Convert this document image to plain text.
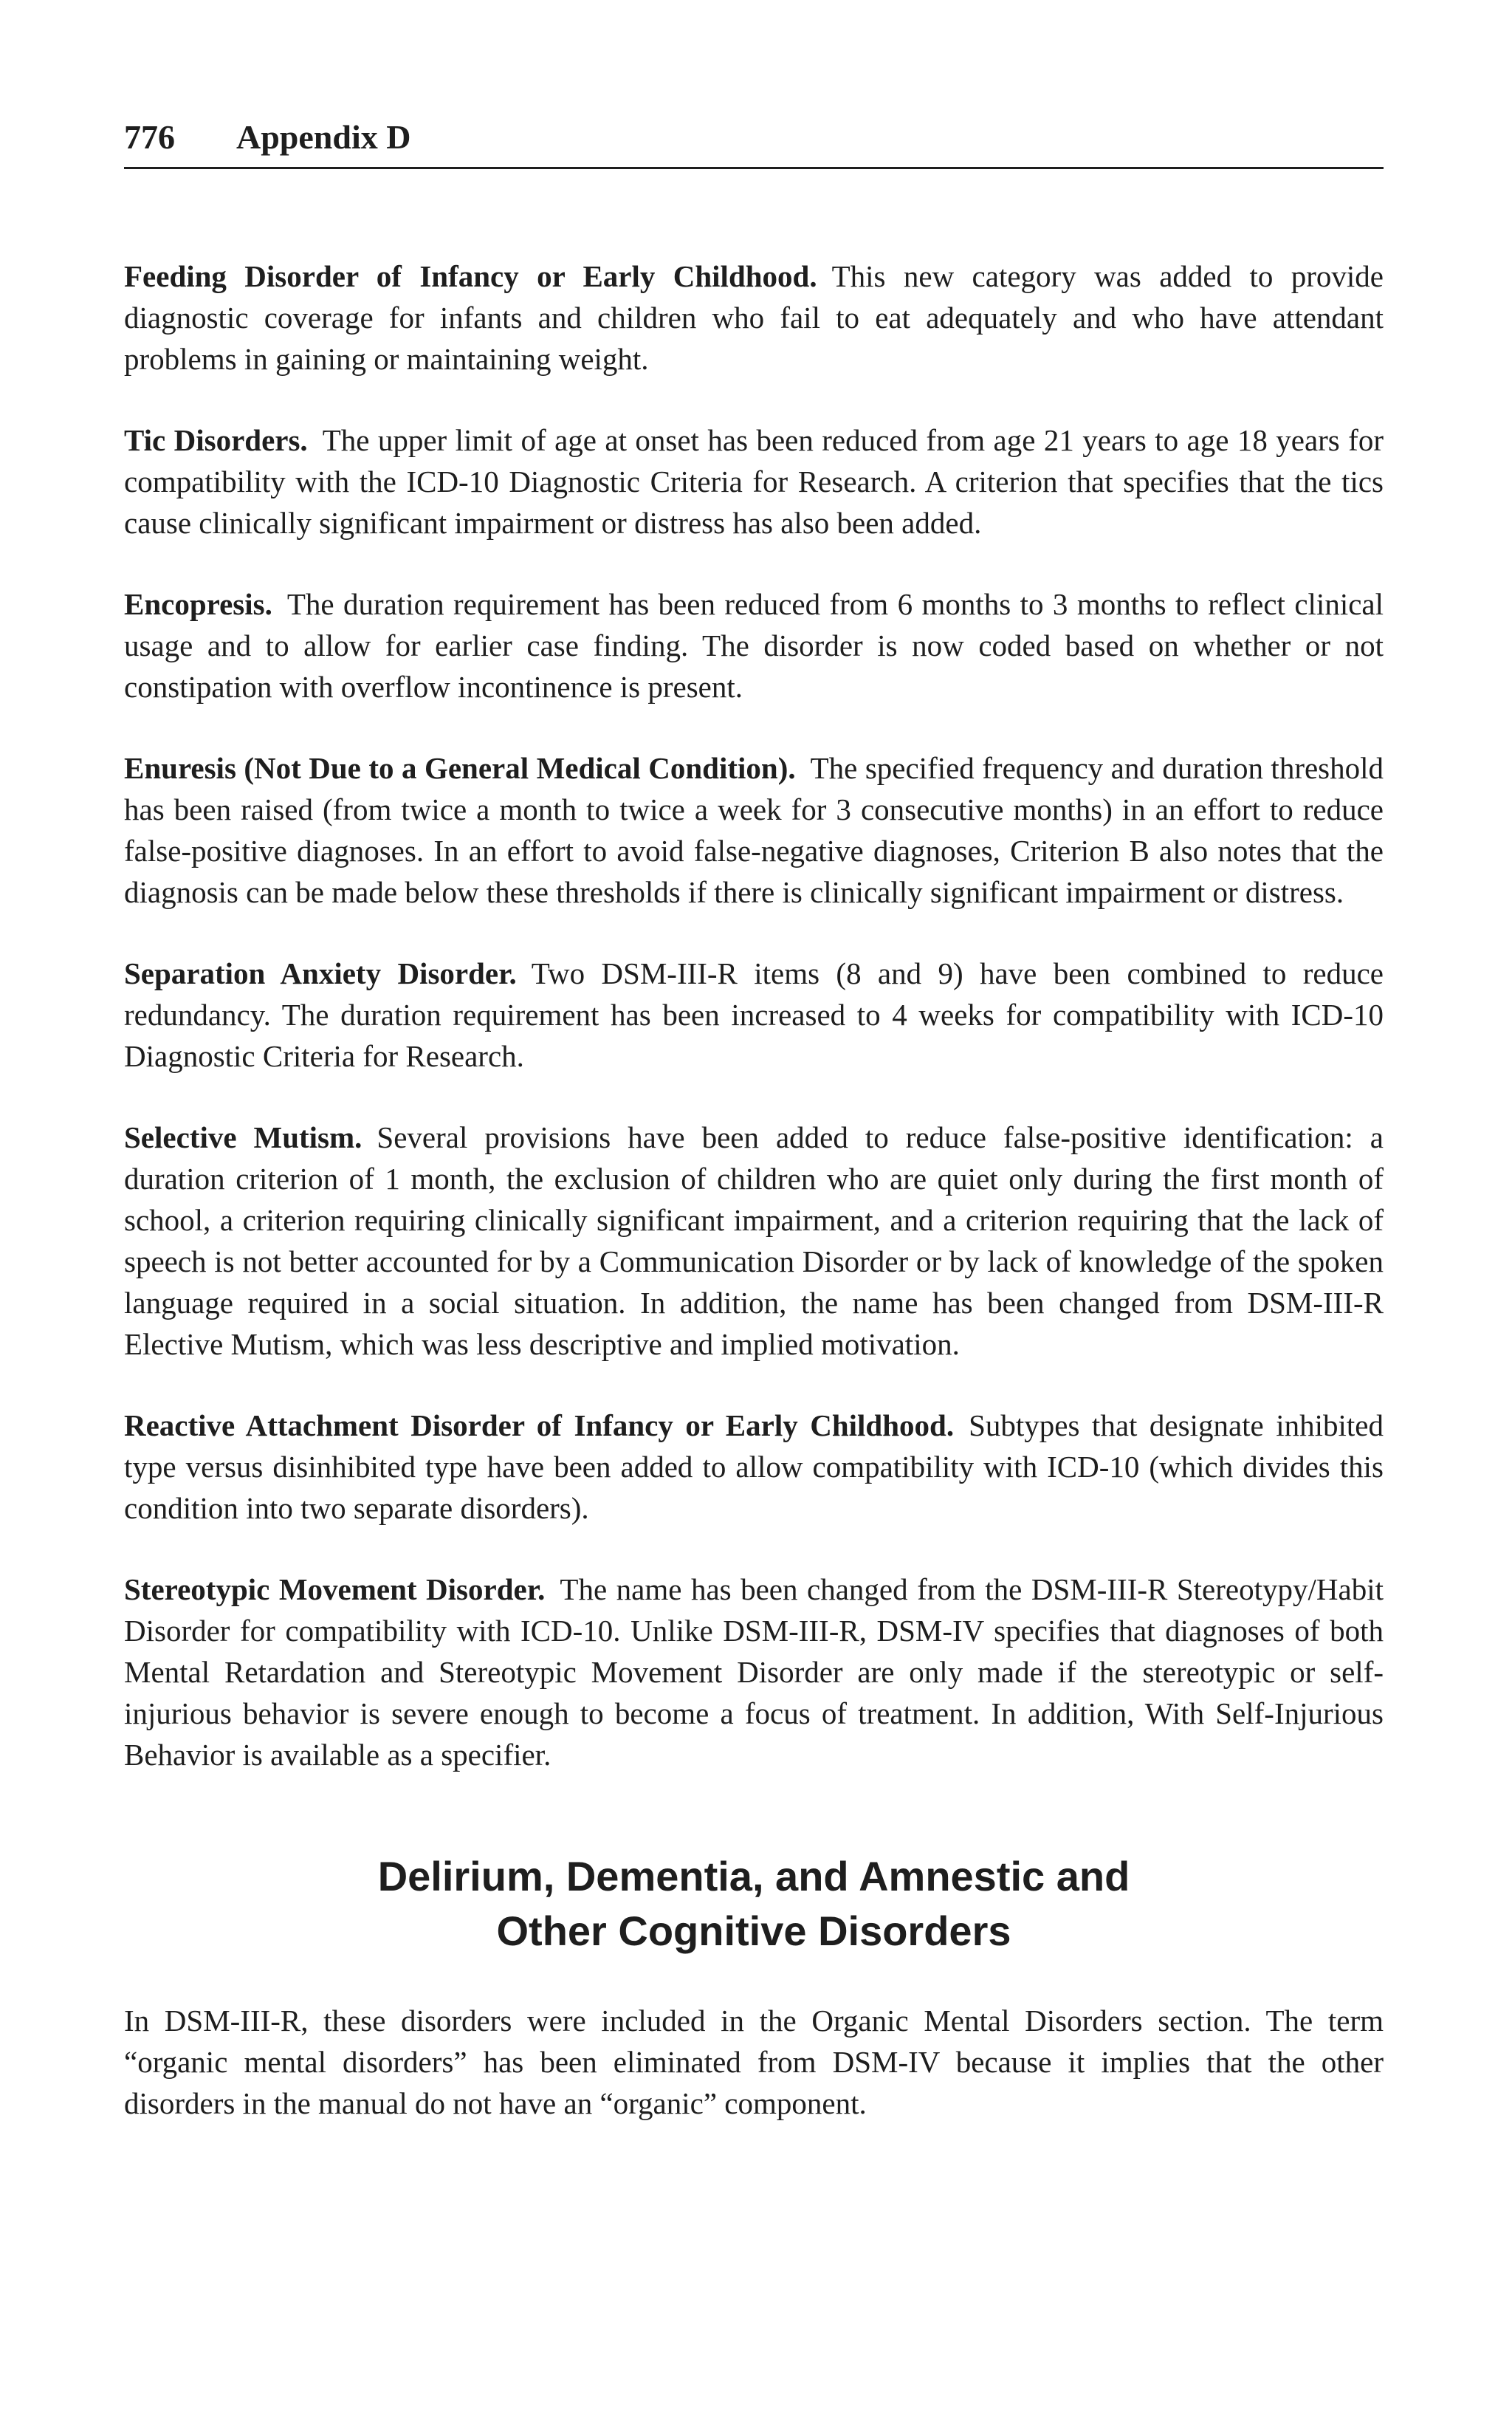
776 Appendix D

Feeding Disorder of Infancy or Early Childhood. This new category was added to provide diagnostic coverage for infants and children who fail to eat adequately and who have attendant problems in gaining or maintaining weight.

Tic Disorders. The upper limit of age at onset has been reduced from age 21 years to age 18 years for compatibility with the ICD-10 Diagnostic Criteria for Research. A criterion that specifies that the tics cause clinically significant impairment or distress has also been added.

Encopresis. The duration requirement has been reduced from 6 months to 3 months to reflect clinical usage and to allow for earlier case finding. The disorder is now coded based on whether or not constipation with overflow incontinence is present.

Enuresis (Not Due to a General Medical Condition). The specified frequency and duration threshold has been raised (from twice a month to twice a week for 3 consecutive months) in an effort to reduce false-positive diagnoses. In an effort to avoid false-negative diagnoses, Criterion B also notes that the diagnosis can be made below these thresholds if there is clinically significant impairment or distress.

Separation Anxiety Disorder. Two DSM-III-R items (8 and 9) have been combined to reduce redundancy. The duration requirement has been increased to 4 weeks for compatibility with ICD-10 Diagnostic Criteria for Research.

Selective Mutism. Several provisions have been added to reduce false-positive identification: a duration criterion of 1 month, the exclusion of children who are quiet only during the first month of school, a criterion requiring clinically significant impairment, and a criterion requiring that the lack of speech is not better accounted for by a Communication Disorder or by lack of knowledge of the spoken language required in a social situation. In addition, the name has been changed from DSM-III-R Elective Mutism, which was less descriptive and implied motivation.

Reactive Attachment Disorder of Infancy or Early Childhood. Subtypes that designate inhibited type versus disinhibited type have been added to allow compatibility with ICD-10 (which divides this condition into two separate disorders).

Stereotypic Movement Disorder. The name has been changed from the DSM-III-R Stereotypy/Habit Disorder for compatibility with ICD-10. Unlike DSM-III-R, DSM-IV specifies that diagnoses of both Mental Retardation and Stereotypic Movement Disorder are only made if the stereotypic or self-injurious behavior is severe enough to become a focus of treatment. In addition, With Self-Injurious Behavior is available as a specifier.

Delirium, Dementia, and Amnestic and
Other Cognitive Disorders

In DSM-III-R, these disorders were included in the Organic Mental Disorders section. The term “organic mental disorders” has been eliminated from DSM-IV because it implies that the other disorders in the manual do not have an “organic” component.
